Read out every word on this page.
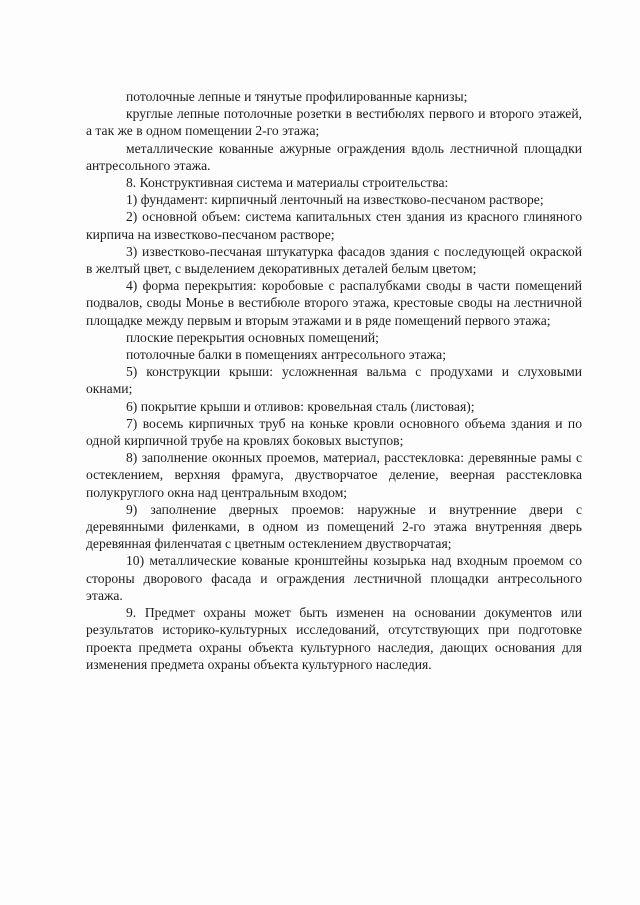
потолочные лепные и тянутые профилированные карнизы;

круглые лепные потолочные розетки в вестибюлях первого и второго этажей, а так же в одном помещении 2-го этажа;

металлические кованные ажурные ограждения вдоль лестничной площадки антресольного этажа.

8. Конструктивная система и материалы строительства:

1) фундамент: кирпичный ленточный на известково-песчаном растворе;

2) основной объем: система капитальных стен здания из красного глиняного кирпича на известково-песчаном растворе;

3) известково-песчаная штукатурка фасадов здания с последующей окраской в желтый цвет, с выделением декоративных деталей белым цветом;

4) форма перекрытия: коробовые с распалубками своды в части помещений подвалов, своды Монье в вестибюле второго этажа, крестовые своды на лестничной площадке между первым и вторым этажами и в ряде помещений первого этажа;

плоские перекрытия основных помещений;

потолочные балки в помещениях антресольного этажа;

5) конструкции крыши: усложненная вальма с продухами и слуховыми окнами;

6) покрытие крыши и отливов: кровельная сталь (листовая);

7) восемь кирпичных труб на коньке кровли основного объема здания и по одной кирпичной трубе на кровлях боковых выступов;

8) заполнение оконных проемов, материал, расстекловка: деревянные рамы с остеклением, верхняя фрамуга, двустворчатое деление, веерная расстекловка полукруглого окна над центральным входом;

9) заполнение дверных проемов: наружные и внутренние двери с деревянными филенками, в одном из помещений 2-го этажа внутренняя дверь деревянная филенчатая с цветным остеклением двустворчатая;

10) металлические кованые кронштейны козырька над входным проемом со стороны дворового фасада и ограждения лестничной площадки антресольного этажа.

9. Предмет охраны может быть изменен на основании документов или результатов историко-культурных исследований, отсутствующих при подготовке проекта предмета охраны объекта культурного наследия, дающих основания для изменения предмета охраны объекта культурного наследия.
